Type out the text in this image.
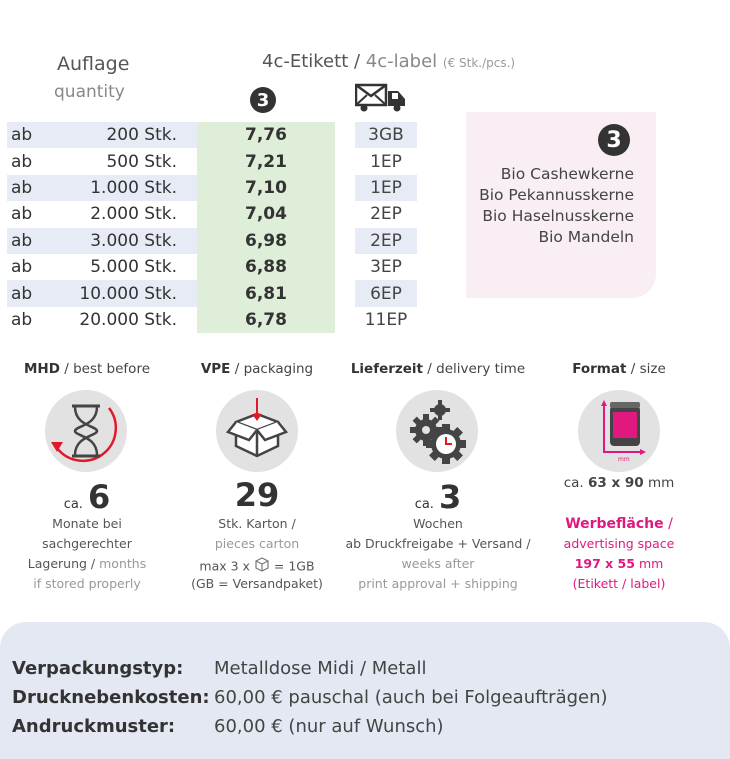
Auflage
quantity
4c-Etikett / 4c-label (€ Stk./pcs.)
3
ab	200 Stk.	7,76		3GB
ab	500 Stk.	7,21		1EP
ab	1.000 Stk.	7,10		1EP
ab	2.000 Stk.	7,04		2EP
ab	3.000 Stk.	6,98		2EP
ab	5.000 Stk.	6,88		3EP
ab	10.000 Stk.	6,81		6EP
ab	20.000 Stk.	6,78		11EP
3
Bio Cashewkerne
Bio Pekannusskerne
Bio Haselnusskerne
Bio Mandeln
MHD / best before
ca. 6
Monate bei
sachgerechter
Lagerung / months
if stored properly
VPE / packaging
29
Stk. Karton /
pieces carton
max 3 x = 1GB
(GB = Versandpaket)
Lieferzeit / delivery time
ca. 3
Wochen
ab Druckfreigabe + Versand /
weeks after
print approval + shipping
Format / size
mm
ca. 63 x 90 mm
Werbefläche /
advertising space
197 x 55 mm
(Etikett / label)
Verpackungstyp: Metalldose Midi / Metall
Drucknebenkosten: 60,00 € pauschal (auch bei Folgeaufträgen)
Andruckmuster: 60,00 € (nur auf Wunsch)
